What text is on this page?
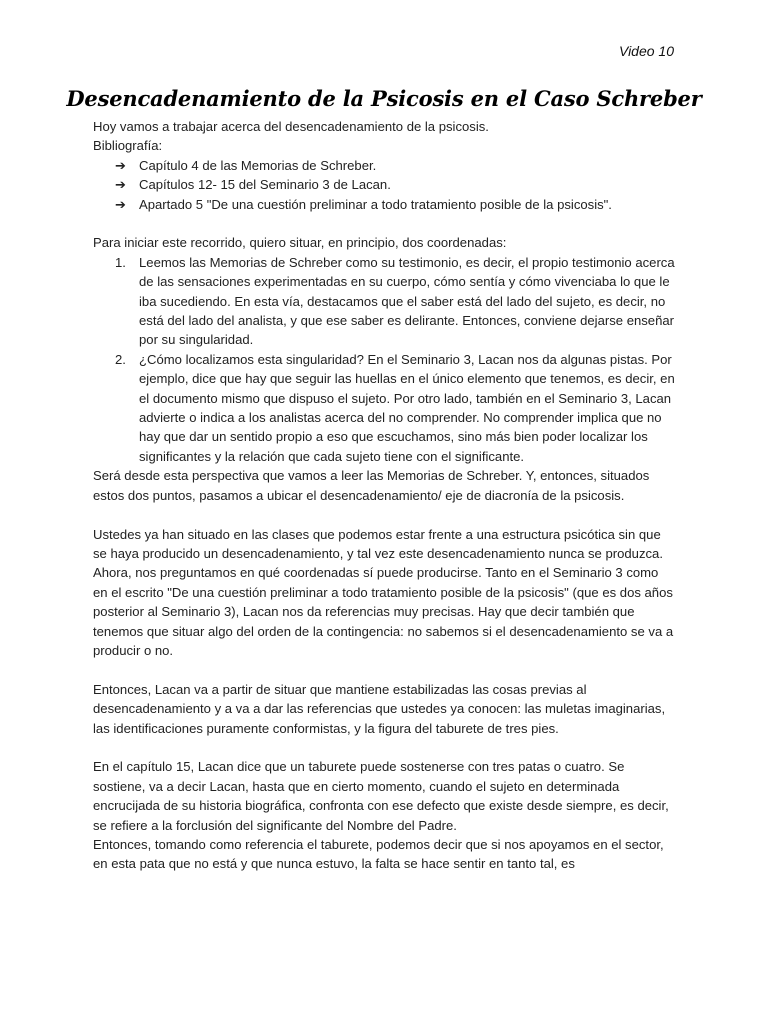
Video 10
Desencadenamiento de la Psicosis en el Caso Schreber

Hoy vamos a trabajar acerca del desencadenamiento de la psicosis.

Bibliografía:

➔ Capítulo 4 de las Memorias de Schreber.
➔ Capítulos 12- 15 del Seminario 3 de Lacan.
➔ Apartado 5 "De una cuestión preliminar a todo tratamiento posible de la psicosis".

Para iniciar este recorrido, quiero situar, en principio, dos coordenadas:

1. Leemos las Memorias de Schreber como su testimonio, es decir, el propio testimonio acerca de las sensaciones experimentadas en su cuerpo, cómo sentía y cómo vivenciaba lo que le iba sucediendo. En esta vía, destacamos que el saber está del lado del sujeto, es decir, no está del lado del analista, y que ese saber es delirante. Entonces, conviene dejarse enseñar por su singularidad.
2. ¿Cómo localizamos esta singularidad? En el Seminario 3, Lacan nos da algunas pistas. Por ejemplo, dice que hay que seguir las huellas en el único elemento que tenemos, es decir, en el documento mismo que dispuso el sujeto. Por otro lado, también en el Seminario 3, Lacan advierte o indica a los analistas acerca del no comprender. No comprender implica que no hay que dar un sentido propio a eso que escuchamos, sino más bien poder localizar los significantes y la relación que cada sujeto tiene con el significante.

Será desde esta perspectiva que vamos a leer las Memorias de Schreber. Y, entonces, situados estos dos puntos, pasamos a ubicar el desencadenamiento/ eje de diacronía de la psicosis.

Ustedes ya han situado en las clases que podemos estar frente a una estructura psicótica sin que se haya producido un desencadenamiento, y tal vez este desencadenamiento nunca se produzca. Ahora, nos preguntamos en qué coordenadas sí puede producirse. Tanto en el Seminario 3 como en el escrito "De una cuestión preliminar a todo tratamiento posible de la psicosis" (que es dos años posterior al Seminario 3), Lacan nos da referencias muy precisas. Hay que decir también que tenemos que situar algo del orden de la contingencia: no sabemos si el desencadenamiento se va a producir o no.

Entonces, Lacan va a partir de situar que mantiene estabilizadas las cosas previas al desencadenamiento y a va a dar las referencias que ustedes ya conocen: las muletas imaginarias, las identificaciones puramente conformistas, y la figura del taburete de tres pies.

En el capítulo 15, Lacan dice que un taburete puede sostenerse con tres patas o cuatro. Se sostiene, va a decir Lacan, hasta que en cierto momento, cuando el sujeto en determinada encrucijada de su historia biográfica, confronta con ese defecto que existe desde siempre, es decir, se refiere a la forclusión del significante del Nombre del Padre.

Entonces, tomando como referencia el taburete, podemos decir que si nos apoyamos en el sector, en esta pata que no está y que nunca estuvo, la falta se hace sentir en tanto tal, es
